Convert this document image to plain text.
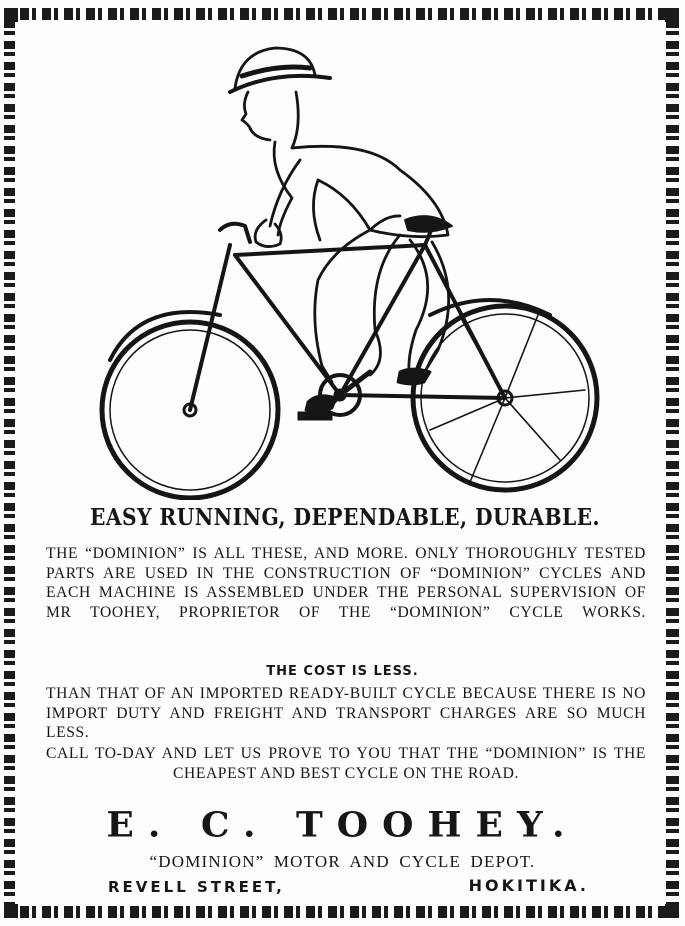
EASY RUNNING, DEPENDABLE, DURABLE.
THE “DOMINION” IS ALL THESE, AND MORE. ONLY THOROUGHLY TESTED PARTS ARE USED IN THE CONSTRUCTION OF “DOMINION” CYCLES AND EACH MACHINE IS ASSEMBLED UNDER THE PERSONAL SUPERVISION OF MR TOOHEY, PROPRIETOR OF THE “DOMINION” CYCLE WORKS.
THE COST IS LESS.
THAN THAT OF AN IMPORTED READY-BUILT CYCLE BECAUSE THERE IS NO IMPORT DUTY AND FREIGHT AND TRANSPORT CHARGES ARE SO MUCH LESS.
CALL TO-DAY AND LET US PROVE TO YOU THAT THE “DOMINION” IS THE CHEAPEST AND BEST CYCLE ON THE ROAD.
E. C. TOOHEY.
“DOMINION” MOTOR AND CYCLE DEPOT.
REVELL STREET,	HOKITIKA.
